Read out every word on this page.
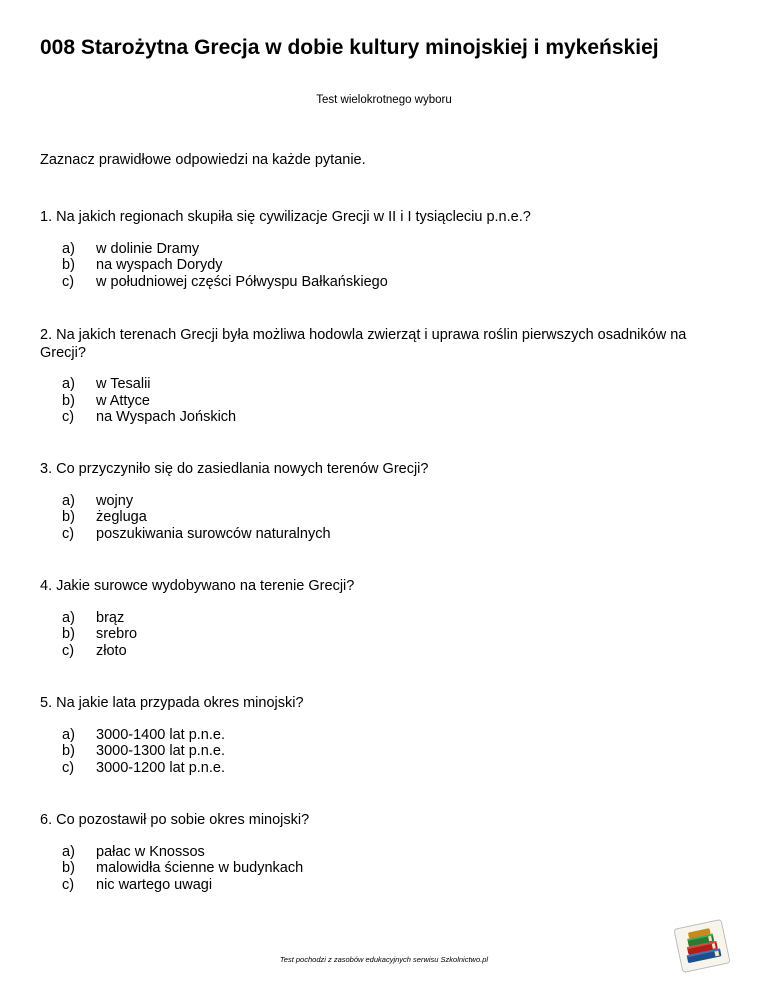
008 Starożytna Grecja w dobie kultury minojskiej i mykeńskiej
Test wielokrotnego wyboru
Zaznacz prawidłowe odpowiedzi na każde pytanie.

1. Na jakich regionach skupiła się cywilizacje Grecji w II i I tysiącleciu p.n.e.?

a) w dolinie Dramy
b) na wyspach Dorydy
c) w południowej części Półwyspu Bałkańskiego

2. Na jakich terenach Grecji była możliwa hodowla zwierząt i uprawa roślin pierwszych osadników na Grecji?

a) w Tesalii
b) w Attyce
c) na Wyspach Jońskich

3. Co przyczyniło się do zasiedlania nowych terenów Grecji?

a) wojny
b) żegluga
c) poszukiwania surowców naturalnych

4. Jakie surowce wydobywano na terenie Grecji?

a) brąz
b) srebro
c) złoto

5. Na jakie lata przypada okres minojski?

a) 3000-1400 lat p.n.e.
b) 3000-1300 lat p.n.e.
c) 3000-1200 lat p.n.e.

6. Co pozostawił po sobie okres minojski?

a) pałac w Knossos
b) malowidła ścienne w budynkach
c) nic wartego uwagi
Test pochodzi z zasobów edukacyjnych serwisu Szkolnictwo.pl
